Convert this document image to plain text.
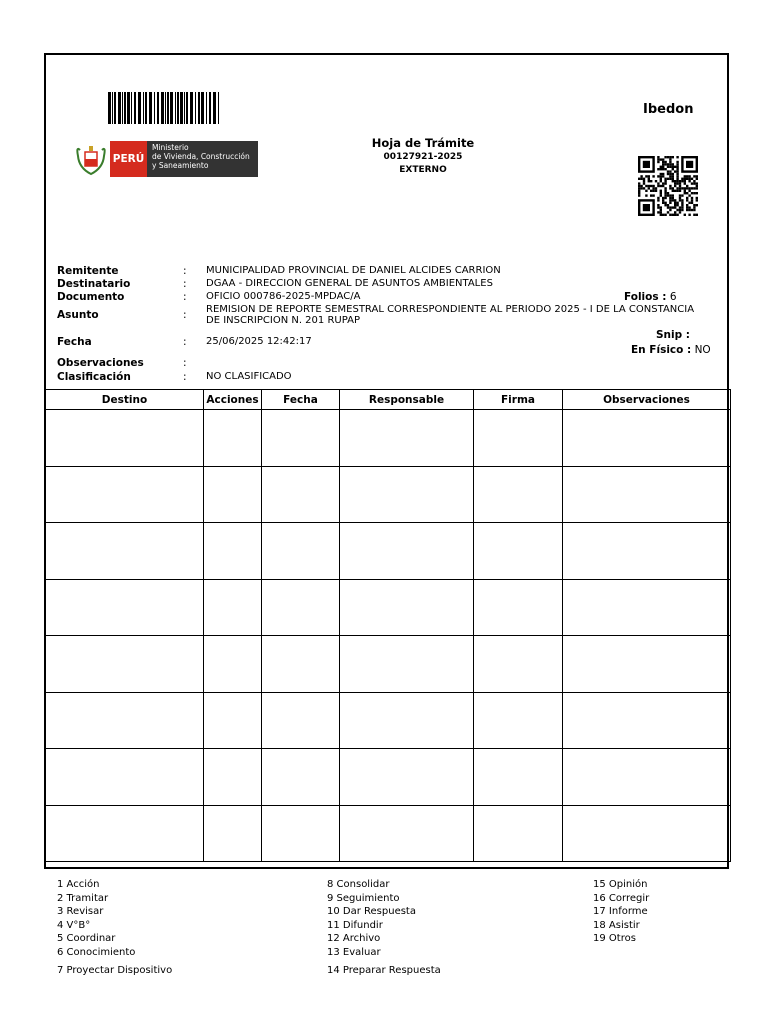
Ibedon
PERÚ
Ministerio
de Vivienda, Construcción
y Saneamiento
Hoja de Trámite
00127921-2025
EXTERNO
Remitente	: MUNICIPALIDAD PROVINCIAL DE DANIEL ALCIDES CARRION
Destinatario	: DGAA - DIRECCION GENERAL DE ASUNTOS AMBIENTALES
Documento	: OFICIO 000786-2025-MPDAC/A
Asunto	: REMISION DE REPORTE SEMESTRAL CORRESPONDIENTE AL PERIODO 2025 - I DE LA CONSTANCIA DE INSCRIPCION N. 201 RUPAP
Fecha	: 25/06/2025 12:42:17
Observaciones	:
Clasificación	: NO CLASIFICADO
Folios : 6
Snip :
En Físico : NO
Destino	Acciones	Fecha	Responsable	Firma	Observaciones

1 Acción
2 Tramitar
3 Revisar
4 V°B°
5 Coordinar
6 Conocimiento
7 Proyectar Dispositivo
8 Consolidar
9 Seguimiento
10 Dar Respuesta
11 Difundir
12 Archivo
13 Evaluar
14 Preparar Respuesta
15 Opinión
16 Corregir
17 Informe
18 Asistir
19 Otros
